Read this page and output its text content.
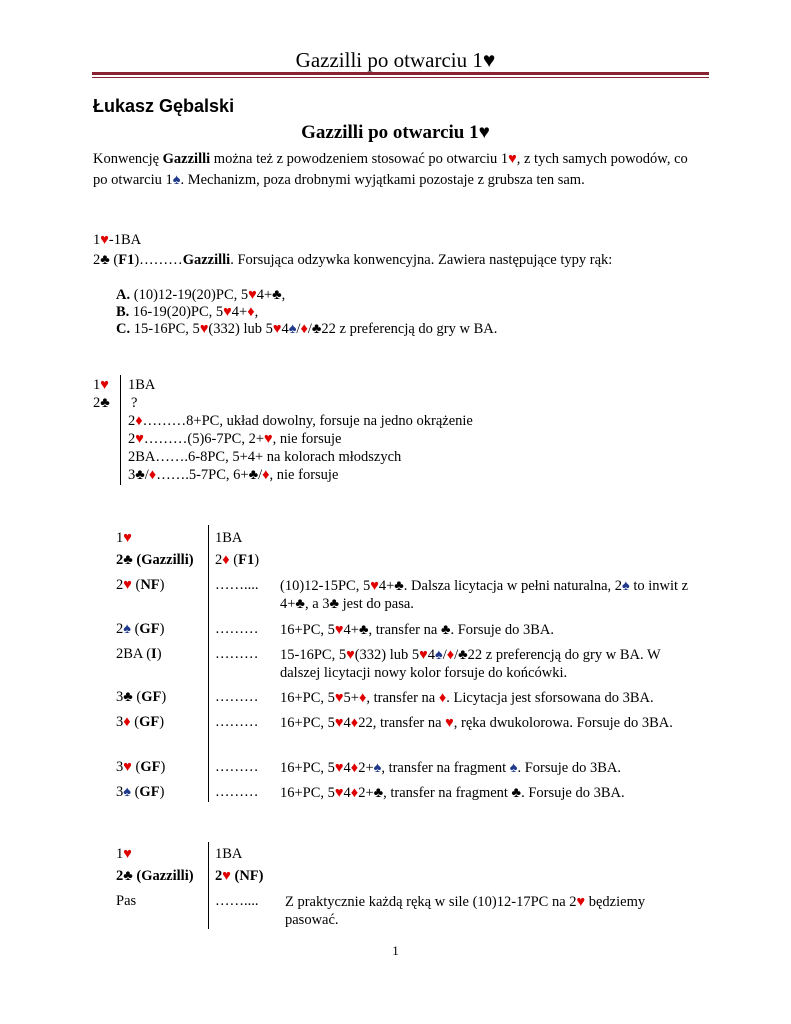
Gazzilli po otwarciu 1♥
Łukasz Gębalski
Gazzilli po otwarciu 1♥
Konwencję Gazzilli można też z powodzeniem stosować po otwarciu 1♥, z tych samych powodów, co po otwarciu 1♠. Mechanizm, poza drobnymi wyjątkami pozostaje z grubsza ten sam.
1♥-1BA
2♣ (F1)………Gazzilli. Forsująca odzywka konwencyjna. Zawiera następujące typy rąk:
A. (10)12-19(20)PC, 5♥4+♣,
B. 16-19(20)PC, 5♥4+♦,
C. 15-16PC, 5♥(332) lub 5♥4♠/♦/♣22 z preferencją do gry w BA.
1♥
2♣
1BA
?
2♦………8+PC, układ dowolny, forsuje na jedno okrążenie
2♥………(5)6-7PC, 2+♥, nie forsuje
2BA…….6-8PC, 5+4+ na kolorach młodszych
3♣/♦…….5-7PC, 6+♣/♦, nie forsuje
1♥	1BA
2♣ (Gazzilli) 2♦ (F1)
2♥ (NF)	…….... (10)12-15PC, 5♥4+♣. Dalsza licytacja w pełni naturalna, 2♠ to inwit z 4+♣, a 3♣ jest do pasa.
2♠ (GF)	……… 16+PC, 5♥4+♣, transfer na ♣. Forsuje do 3BA.
2BA (I)	……… 15-16PC, 5♥(332) lub 5♥4♠/♦/♣22 z preferencją do gry w BA. W dalszej licytacji nowy kolor forsuje do końcówki.
3♣ (GF)	……… 16+PC, 5♥5+♦, transfer na ♦. Licytacja jest sforsowana do 3BA.
3♦ (GF)	……… 16+PC, 5♥4♦22, transfer na ♥, ręka dwukolorowa. Forsuje do 3BA.
3♥ (GF)	……… 16+PC, 5♥4♦2+♠, transfer na fragment ♠. Forsuje do 3BA.
3♠ (GF)	……… 16+PC, 5♥4♦2+♣, transfer na fragment ♣. Forsuje do 3BA.
1♥	1BA
2♣ (Gazzilli) 2♥ (NF)
Pas	…….... Z praktycznie każdą ręką w sile (10)12-17PC na 2♥ będziemy pasować.
1
